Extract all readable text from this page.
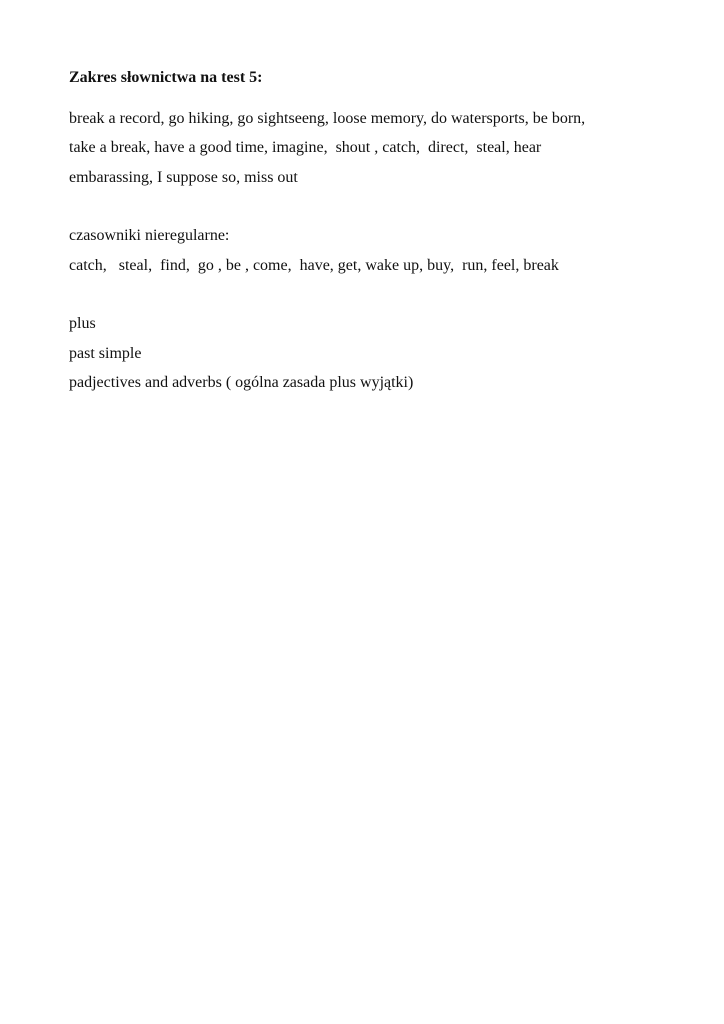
Zakres słownictwa na test 5:
break a record, go hiking, go sightseeng, loose memory, do watersports, be born,
take a break, have a good time, imagine,  shout , catch,  direct,  steal, hear
embarassing, I suppose so, miss out
czasowniki nieregularne:
catch,   steal,  find,  go , be , come,  have, get, wake up, buy,  run, feel, break
plus
past simple
padjectives and adverbs ( ogólna zasada plus wyjątki)
